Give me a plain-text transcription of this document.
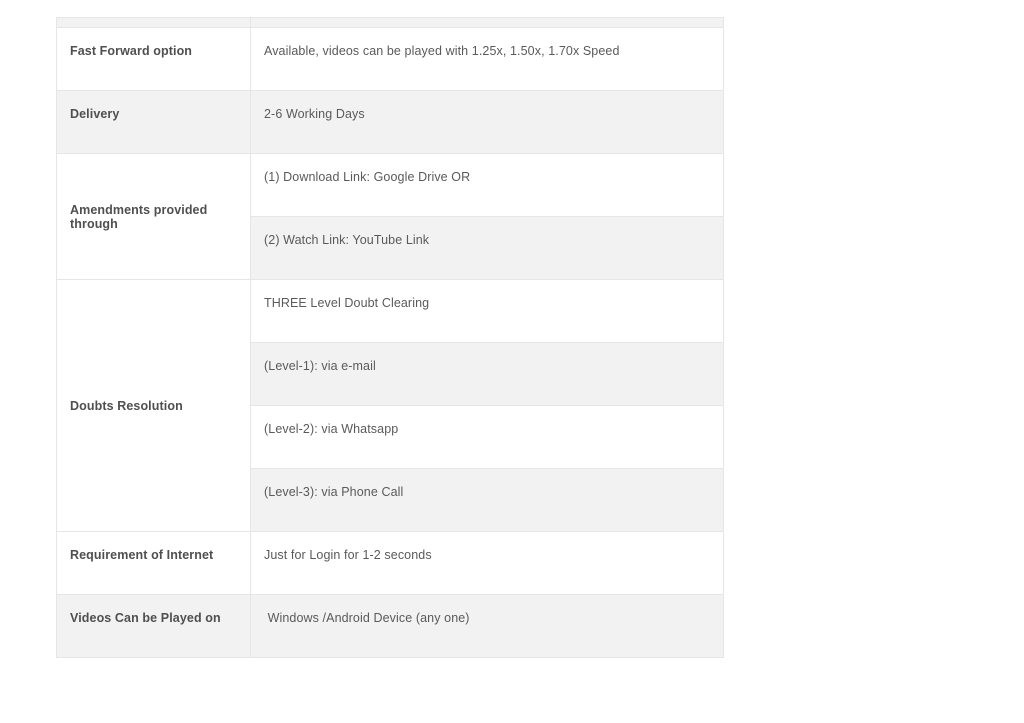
Fast Forward option	Available, videos can be played with 1.25x, 1.50x, 1.70x Speed

Delivery	2-6 Working Days

Amendments provided through	(1) Download Link: Google Drive OR

	(2) Watch Link: YouTube Link

Doubts Resolution	THREE Level Doubt Clearing

	(Level-1): via e-mail

	(Level-2): via Whatsapp

	(Level-3): via Phone Call

Requirement of Internet	Just for Login for 1-2 seconds

Videos Can be Played on	Windows /Android Device (any one)
